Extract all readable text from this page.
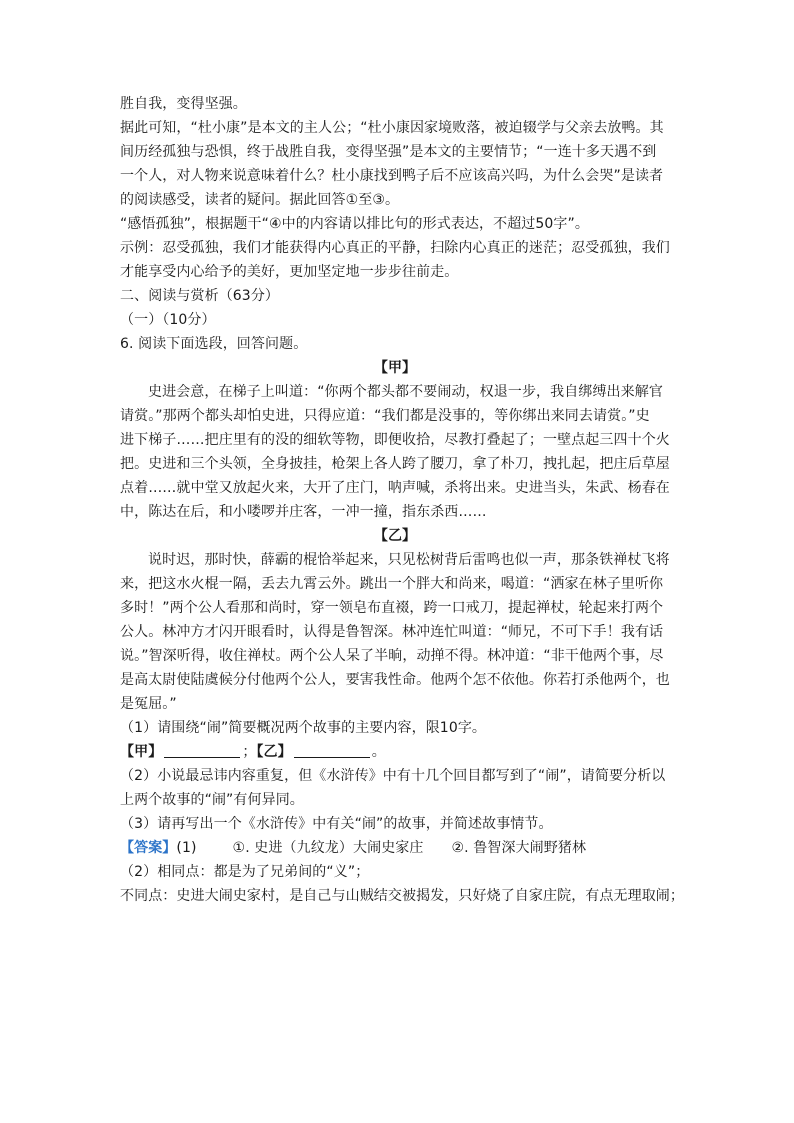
胜自我，变得坚强。
据此可知，“杜小康”是本文的主人公；“杜小康因家境败落，被迫辍学与父亲去放鸭。其
间历经孤独与恐惧，终于战胜自我，变得坚强”是本文的主要情节；“一连十多天遇不到
一个人，对人物来说意味着什么？杜小康找到鸭子后不应该高兴吗，为什么会哭”是读者
的阅读感受，读者的疑问。据此回答①至③。
“感悟孤独”，根据题干“④中的内容请以排比句的形式表达，不超过50字”。
示例：忍受孤独，我们才能获得内心真正的平静，扫除内心真正的迷茫；忍受孤独，我们
才能享受内心给予的美好，更加坚定地一步步往前走。
二、阅读与赏析（63分）
（一）（10分）
6. 阅读下面选段，回答问题。
【甲】
史进会意，在梯子上叫道：“你两个都头都不要闹动，权退一步，我自绑缚出来解官
请赏。”那两个都头却怕史进，只得应道：“我们都是没事的，等你绑出来同去请赏。”史
进下梯子……把庄里有的没的细软等物，即便收拾，尽教打叠起了；一壁点起三四十个火
把。史进和三个头领，全身披挂，枪架上各人跨了腰刀，拿了朴刀，拽扎起，把庄后草屋
点着……就中堂又放起火来，大开了庄门，呐声喊，杀将出来。史进当头，朱武、杨春在
中，陈达在后，和小喽啰并庄客，一冲一撞，指东杀西……
【乙】
说时迟，那时快，薛霸的棍恰举起来，只见松树背后雷鸣也似一声，那条铁禅杖飞将
来，把这水火棍一隔，丢去九霄云外。跳出一个胖大和尚来，喝道：“洒家在林子里听你
多时！”两个公人看那和尚时，穿一领皂布直裰，跨一口戒刀，提起禅杖，轮起来打两个
公人。林冲方才闪开眼看时，认得是鲁智深。林冲连忙叫道：“师兄，不可下手！我有话
说。”智深听得，收住禅杖。两个公人呆了半晌，动掸不得。林冲道：“非干他两个事，尽
是高太尉使陆虞候分付他两个公人，要害我性命。他两个怎不依他。你若打杀他两个，也
是冤屈。”
（1）请围绕“闹”简要概况两个故事的主要内容，限10字。
【甲】	；【乙】	。
（2）小说最忌讳内容重复，但《水浒传》中有十几个回目都写到了“闹”，请简要分析以
上两个故事的“闹”有何异同。
（3）请再写出一个《水浒传》中有关“闹”的故事，并简述故事情节。
【答案】(1)	①. 史进（九纹龙）大闹史家庄 ②. 鲁智深大闹野猪林
（2）相同点：都是为了兄弟间的“义”；
不同点：史进大闹史家村，是自己与山贼结交被揭发，只好烧了自家庄院，有点无理取闹；
